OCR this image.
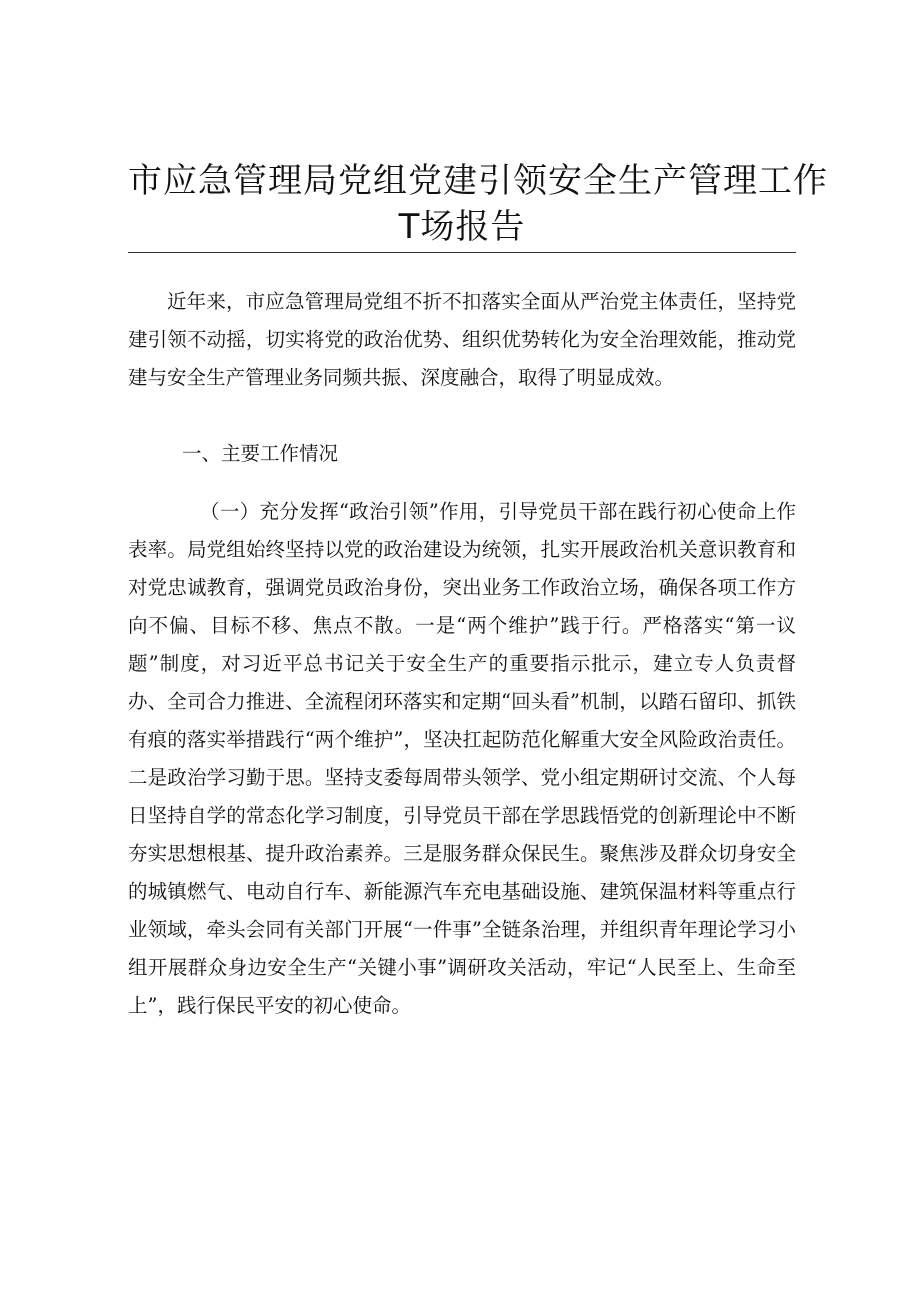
市应急管理局党组党建引领安全生产管理工作
T场报告

近年来，市应急管理局党组不折不扣落实全面从严治党主体责任，坚持党建引领不动摇，切实将党的政治优势、组织优势转化为安全治理效能，推动党建与安全生产管理业务同频共振、深度融合，取得了明显成效。

一、主要工作情况

（一）充分发挥“政治引领”作用，引导党员干部在践行初心使命上作表率。局党组始终坚持以党的政治建设为统领，扎实开展政治机关意识教育和对党忠诚教育，强调党员政治身份，突出业务工作政治立场，确保各项工作方向不偏、目标不移、焦点不散。一是“两个维护”践于行。严格落实“第一议题”制度，对习近平总书记关于安全生产的重要指示批示，建立专人负责督办、全司合力推进、全流程闭环落实和定期“回头看”机制，以踏石留印、抓铁有痕的落实举措践行“两个维护”，坚决扛起防范化解重大安全风险政治责任。二是政治学习勤于思。坚持支委每周带头领学、党小组定期研讨交流、个人每日坚持自学的常态化学习制度，引导党员干部在学思践悟党的创新理论中不断夯实思想根基、提升政治素养。三是服务群众保民生。聚焦涉及群众切身安全的城镇燃气、电动自行车、新能源汽车充电基础设施、建筑保温材料等重点行业领域，牵头会同有关部门开展“一件事”全链条治理，并组织青年理论学习小组开展群众身边安全生产“关键小事”调研攻关活动，牢记“人民至上、生命至上”，践行保民平安的初心使命。
